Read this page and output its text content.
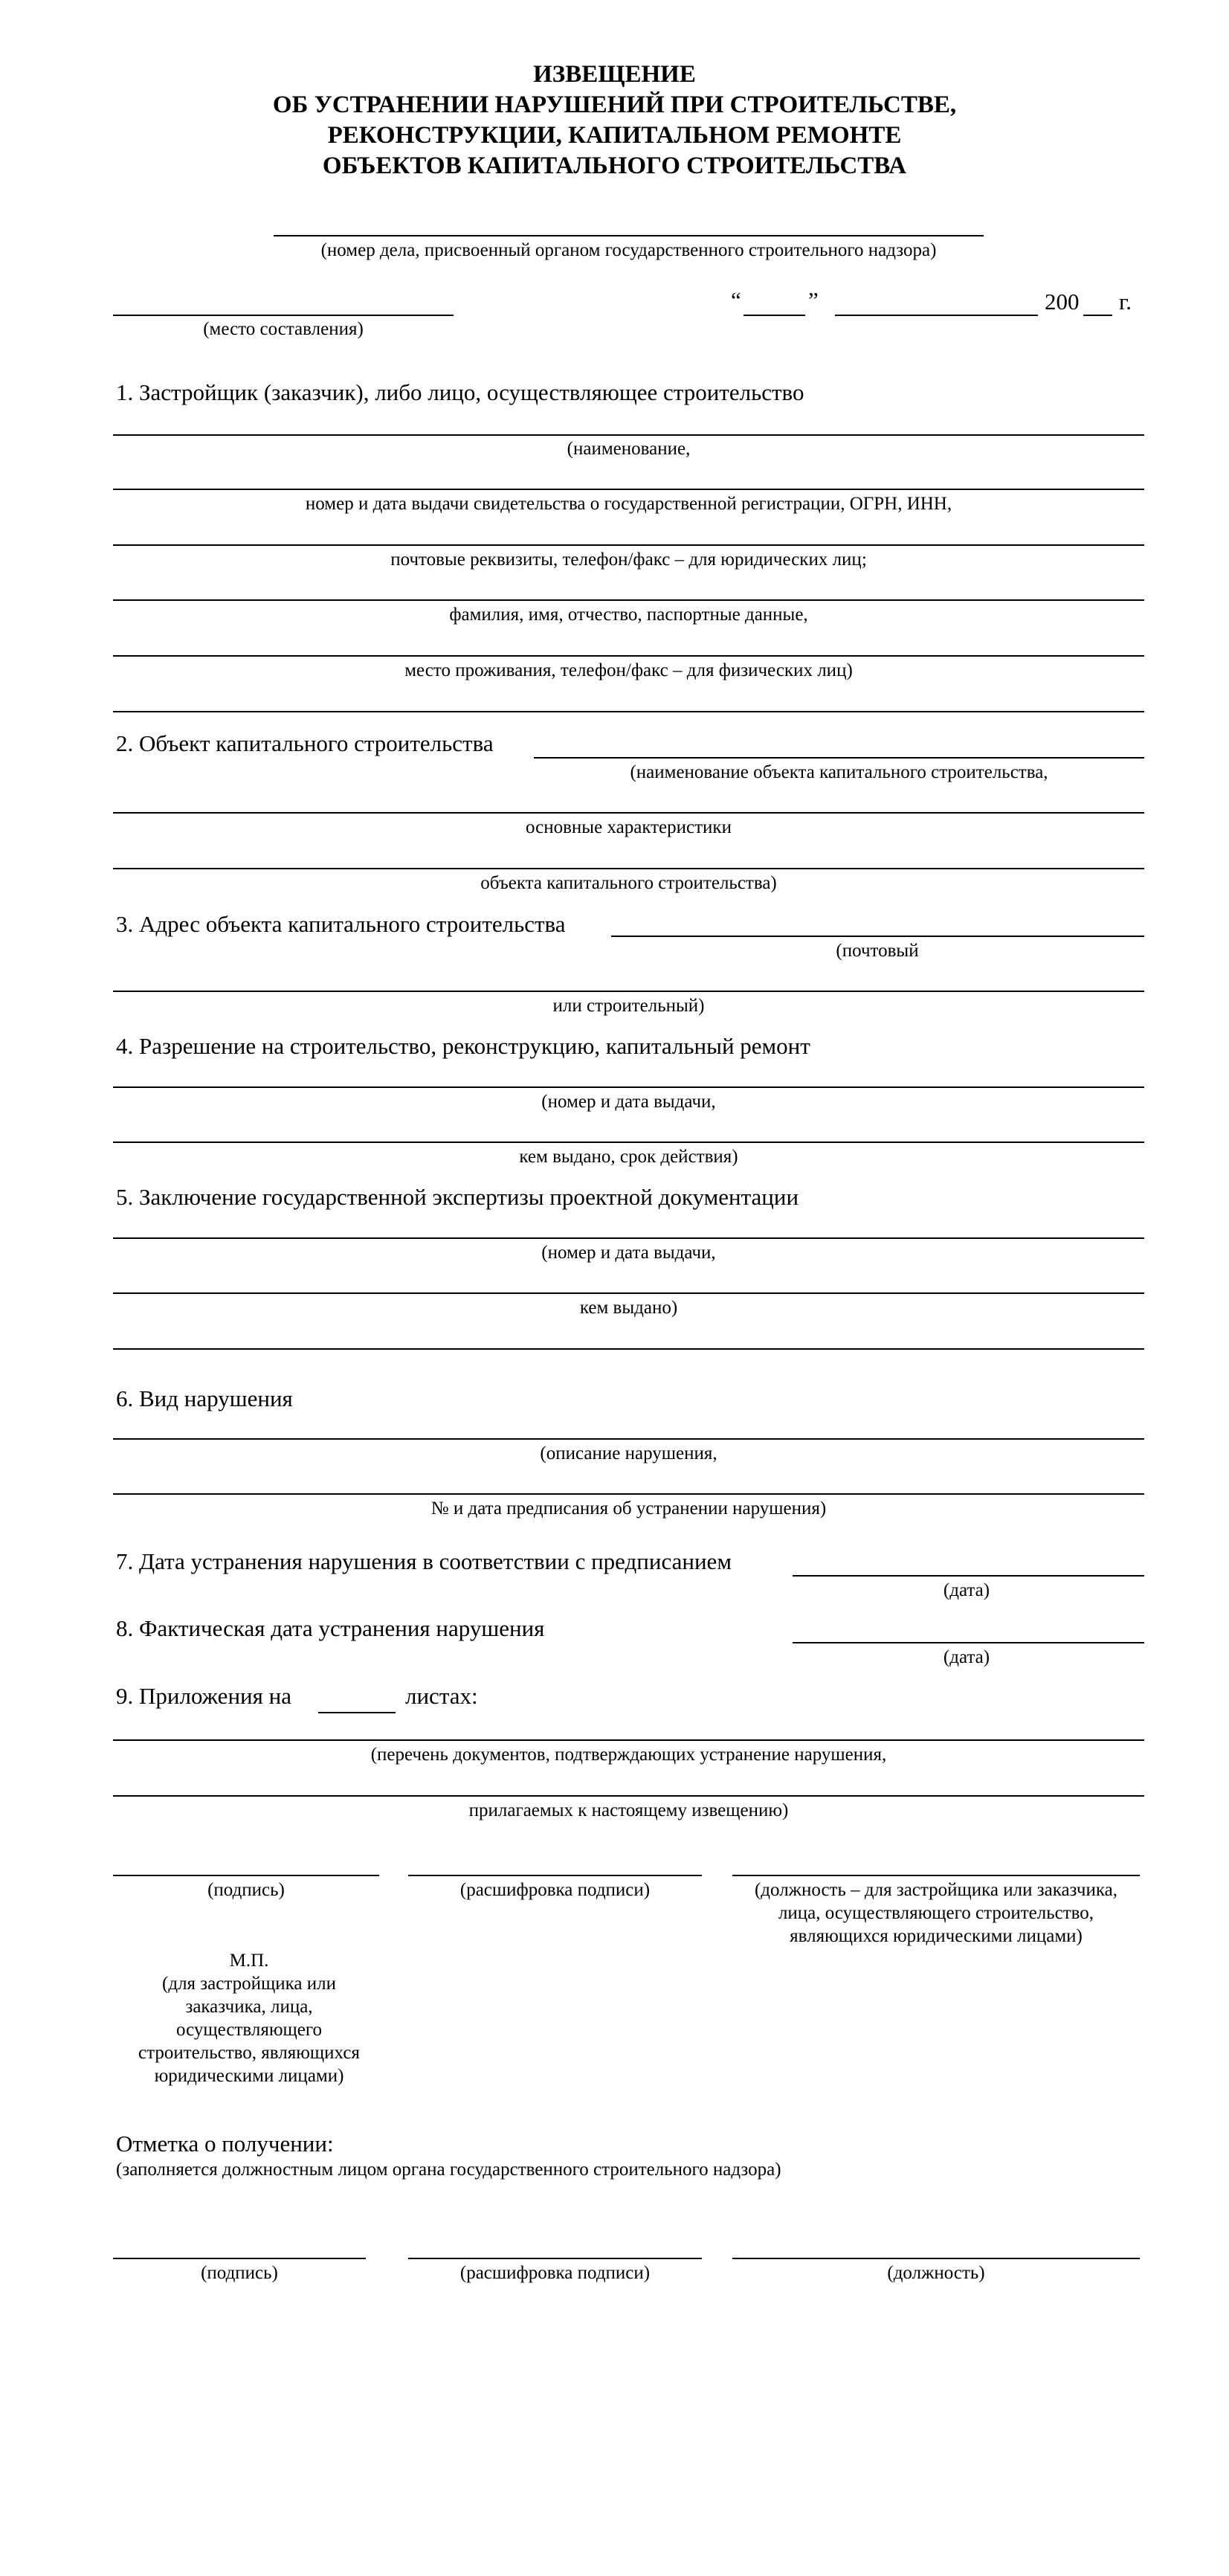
ИЗВЕЩЕНИЕ
ОБ УСТРАНЕНИИ НАРУШЕНИЙ ПРИ СТРОИТЕЛЬСТВЕ,
РЕКОНСТРУКЦИИ, КАПИТАЛЬНОМ РЕМОНТЕ
ОБЪЕКТОВ КАПИТАЛЬНОГО СТРОИТЕЛЬСТВА
(номер дела, присвоенный органом государственного строительного надзора)
(место составления)
“	”	200 г.
1. Застройщик (заказчик), либо лицо, осуществляющее строительство
(наименование,
номер и дата выдачи свидетельства о государственной регистрации, ОГРН, ИНН,
почтовые реквизиты, телефон/факс – для юридических лиц;
фамилия, имя, отчество, паспортные данные,
место проживания, телефон/факс – для физических лиц)
2. Объект капитального строительства
(наименование объекта капитального строительства,
основные характеристики
объекта капитального строительства)
3. Адрес объекта капитального строительства
(почтовый
или строительный)
4. Разрешение на строительство, реконструкцию, капитальный ремонт
(номер и дата выдачи,
кем выдано, срок действия)
5. Заключение государственной экспертизы проектной документации
(номер и дата выдачи,
кем выдано)
6. Вид нарушения
(описание нарушения,
№ и дата предписания об устранении нарушения)
7. Дата устранения нарушения в соответствии с предписанием
(дата)
8. Фактическая дата устранения нарушения
(дата)
9. Приложения на	листах:
(перечень документов, подтверждающих устранение нарушения,
прилагаемых к настоящему извещению)
(подпись)	(расшифровка подписи)	(должность – для застройщика или заказчика,
лица, осуществляющего строительство,
являющихся юридическими лицами)
М.П.
(для застройщика или
заказчика, лица,
осуществляющего
строительство, являющихся
юридическими лицами)
Отметка о получении:
(заполняется должностным лицом органа государственного строительного надзора)
(подпись)	(расшифровка подписи)	(должность)
